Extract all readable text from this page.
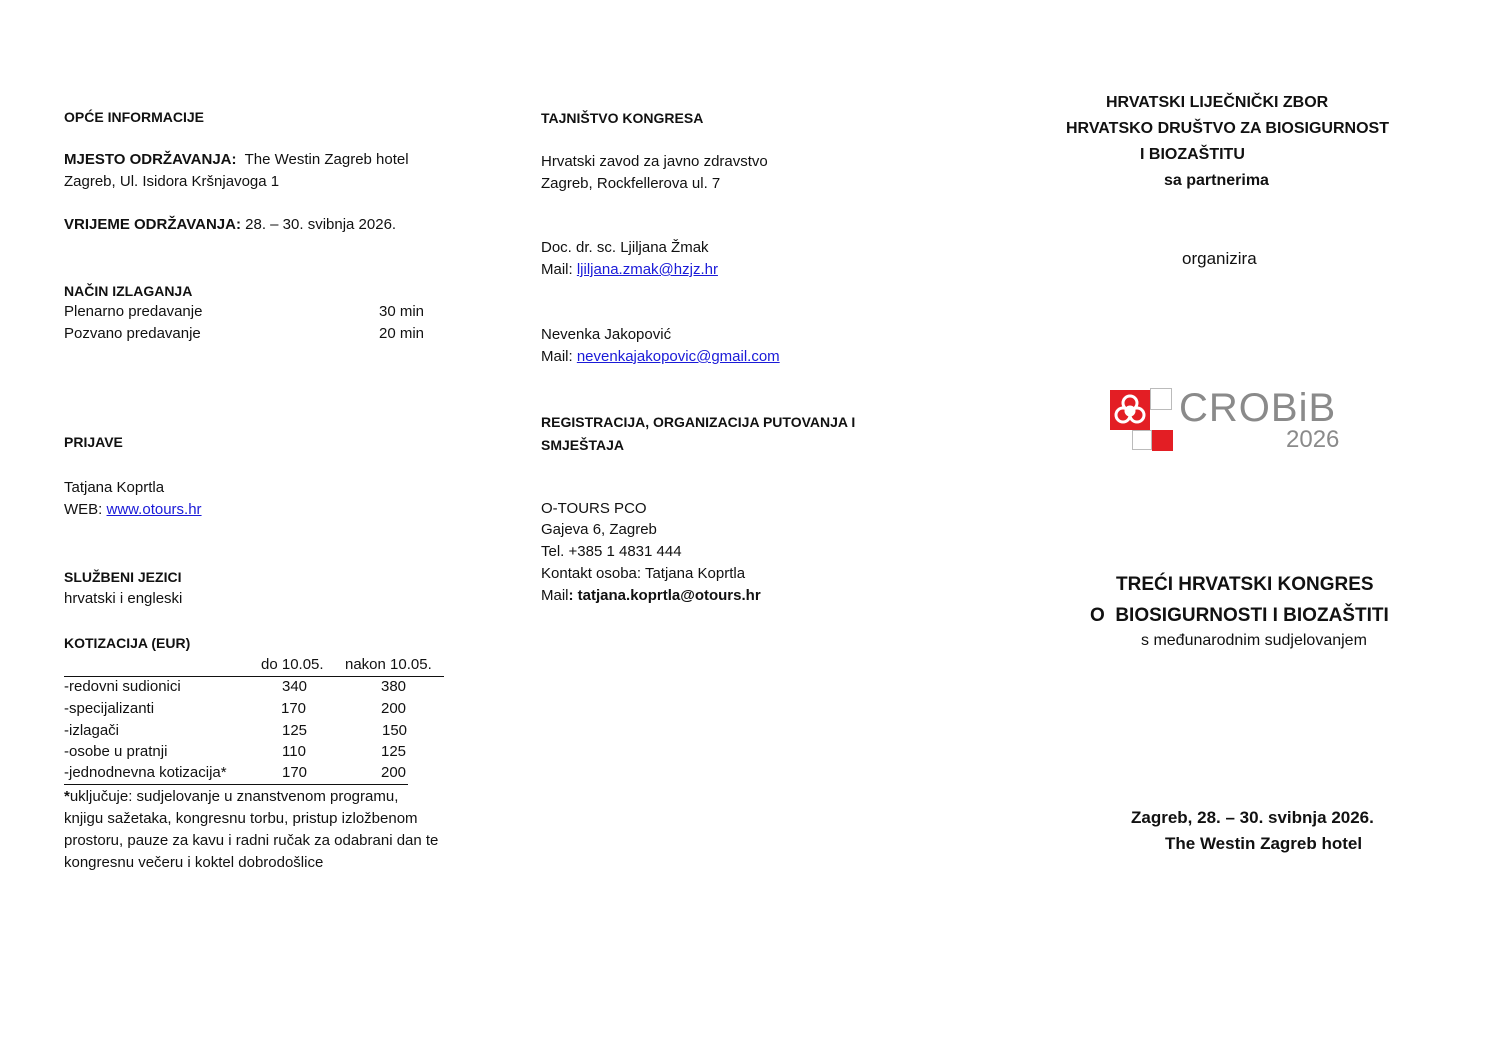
OPĆE INFORMACIJE
MJESTO ODRŽAVANJA: The Westin Zagreb hotel
Zagreb, Ul. Isidora Kršnjavoga 1
VRIJEME ODRŽAVANJA: 28. – 30. svibnja 2026.
NAČIN IZLAGANJA
Plenarno predavanje	30 min
Pozvano predavanje	20 min
PRIJAVE
Tatjana Koprtla
WEB: www.otours.hr
SLUŽBENI JEZICI
hrvatski i engleski
KOTIZACIJA (EUR)
do 10.05. nakon 10.05.
-redovni sudionici	340	380
-specijalizanti	170	200
-izlagači	125	150
-osobe u pratnji	110	125
-jednodnevna kotizacija*	170	200
*uključuje: sudjelovanje u znanstvenom programu,
knjigu sažetaka, kongresnu torbu, pristup izložbenom
prostoru, pauze za kavu i radni ručak za odabrani dan te
kongresnu večeru i koktel dobrodošlice
TAJNIŠTVO KONGRESA
Hrvatski zavod za javno zdravstvo
Zagreb, Rockfellerova ul. 7
Doc. dr. sc. Ljiljana Žmak
Mail: ljiljana.zmak@hzjz.hr
Nevenka Jakopović
Mail: nevenkajakopovic@gmail.com
REGISTRACIJA, ORGANIZACIJA PUTOVANJA I
SMJEŠTAJA
O-TOURS PCO
Gajeva 6, Zagreb
Tel. +385 1 4831 444
Kontakt osoba: Tatjana Koprtla
Mail: tatjana.koprtla@otours.hr
HRVATSKI LIJEČNIČKI ZBOR
HRVATSKO DRUŠTVO ZA BIOSIGURNOST
I BIOZAŠTITU
sa partnerima
organizira
CROBiB
2026
TREĆI HRVATSKI KONGRES
O  BIOSIGURNOSTI I BIOZAŠTITI
s međunarodnim sudjelovanjem
Zagreb, 28. – 30. svibnja 2026.
The Westin Zagreb hotel
